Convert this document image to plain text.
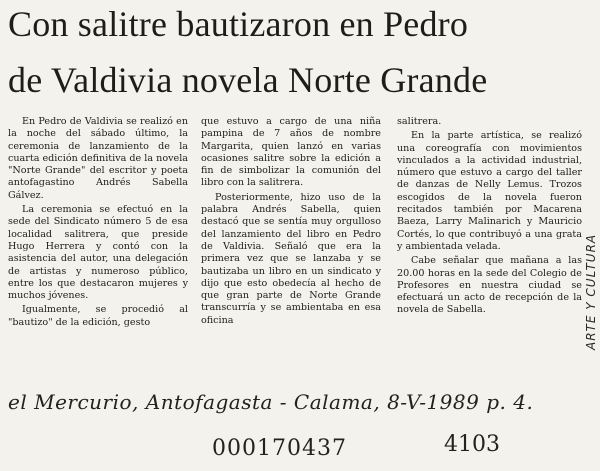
Con salitre bautizaron en Pedro
de Valdivia novela Norte Grande

En Pedro de Valdivia se realizó en la noche del sábado último, la ceremonia de lanzamiento de la cuarta edición definitiva de la novela "Norte Grande" del escritor y poeta antofagastino Andrés Sabella Gálvez.

La ceremonia se efectuó en la sede del Sindicato número 5 de esa localidad salitrera, que preside Hugo Herrera y contó con la asistencia del autor, una delegación de artistas y numeroso público, entre los que destacaron mujeres y muchos jóvenes.

Igualmente, se procedió al "bautizo" de la edición, gesto

que estuvo a cargo de una niña pampina de 7 años de nombre Margarita, quien lanzó en varias ocasiones salitre sobre la edición a fin de simbolizar la comunión del libro con la salitrera.

Posteriormente, hizo uso de la palabra Andrés Sabella, quien destacó que se sentía muy orgulloso del lanzamiento del libro en Pedro de Valdivia. Señaló que era la primera vez que se lanzaba y se bautizaba un libro en un sindicato y dijo que esto obedecía al hecho de que gran parte de Norte Grande transcurría y se ambientaba en esa oficina

salitrera.

En la parte artística, se realizó una coreografía con movimientos vinculados a la actividad industrial, número que estuvo a cargo del taller de danzas de Nelly Lemus. Trozos escogidos de la novela fueron recitados también por Macarena Baeza, Larry Malinarich y Mauricio Cortés, lo que contribuyó a una grata y ambientada velada.

Cabe señalar que mañana a las 20.00 horas en la sede del Colegio de Profesores en nuestra ciudad se efectuará un acto de recepción de la novela de Sabella.	ARTE Y CULTURA
el Mercurio, Antofagasta - Calama, 8-V-1989 p. 4.
000170437	4103
